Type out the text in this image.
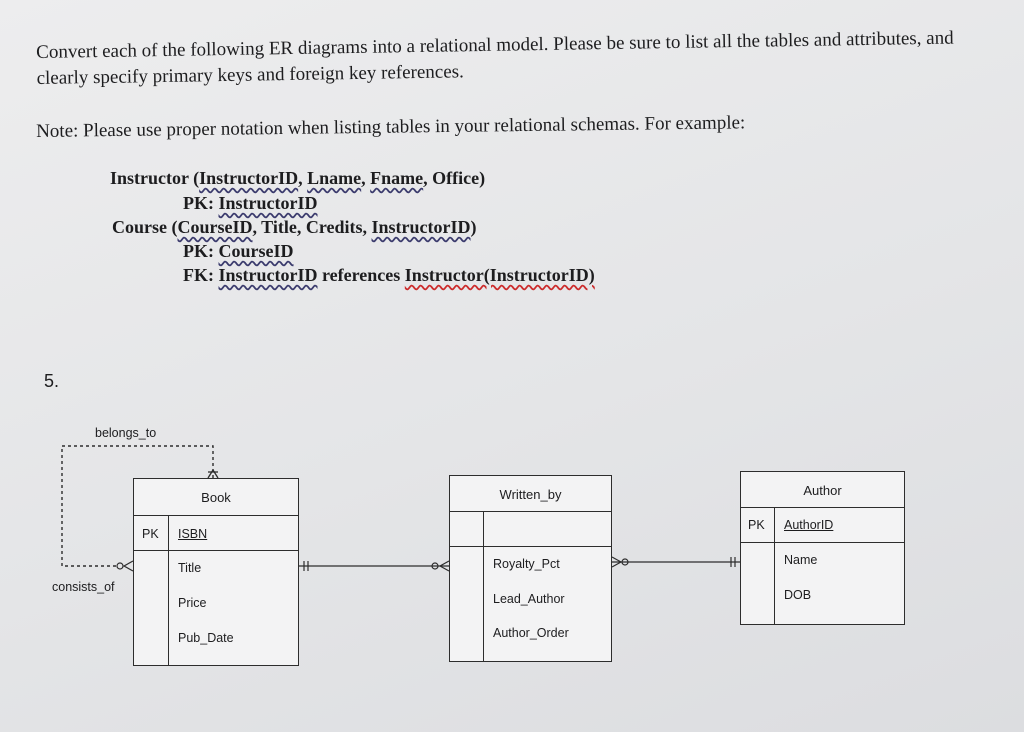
Convert each of the following ER diagrams into a relational model. Please be sure to list all the tables and attributes, and clearly specify primary keys and foreign key references.
Note: Please use proper notation when listing tables in your relational schemas. For example:
Instructor (InstructorID, Lname, Fname, Office)
PK: InstructorID
Course (CourseID, Title, Credits, InstructorID)
PK: CourseID
FK: InstructorID references Instructor(InstructorID)
5.
belongs_to
consists_of
Book
PK ISBN
Title
Price
Pub_Date
Written_by
Royalty_Pct
Lead_Author
Author_Order
Author
PK AuthorID
Name
DOB
